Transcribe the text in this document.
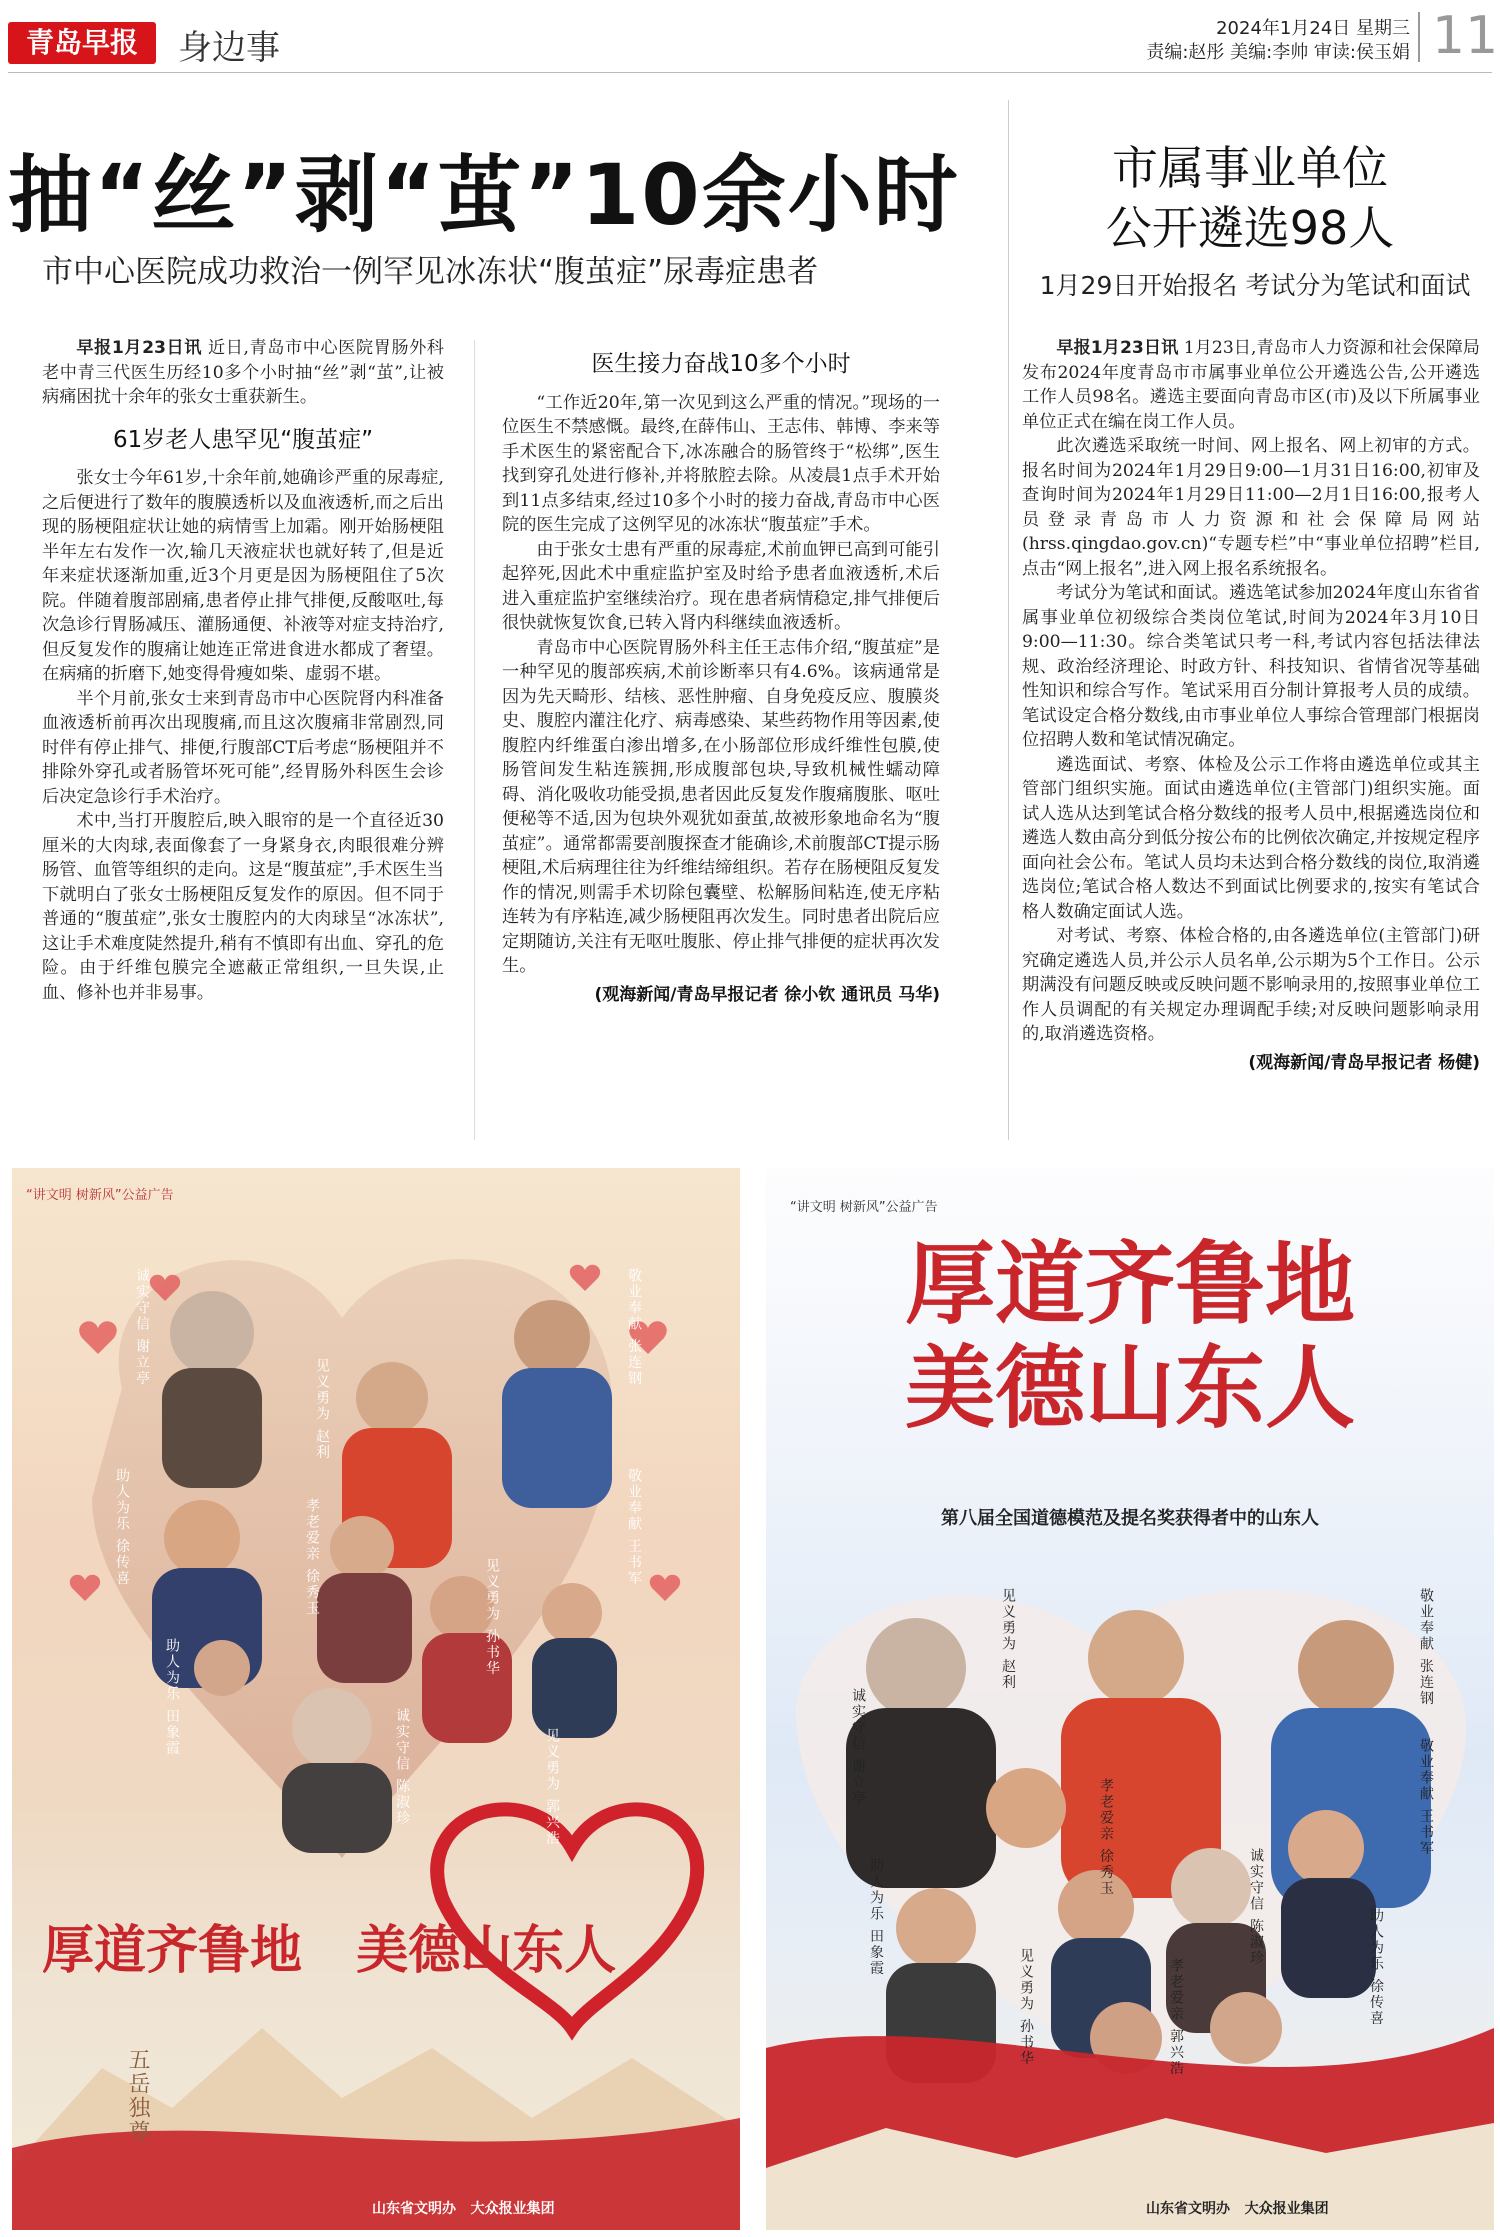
青岛早报	身边事	2024年1月24日 星期三
责编:赵彤 美编:李帅 审读:侯玉娟 11
抽“丝”剥“茧”10余小时
市中心医院成功救治一例罕见冰冻状“腹茧症”尿毒症患者

早报1月23日讯 近日,青岛市中心医院胃肠外科老中青三代医生历经10多个小时抽“丝”剥“茧”,让被病痛困扰十余年的张女士重获新生。

61岁老人患罕见“腹茧症”

张女士今年61岁,十余年前,她确诊严重的尿毒症,之后便进行了数年的腹膜透析以及血液透析,而之后出现的肠梗阻症状让她的病情雪上加霜。刚开始肠梗阻半年左右发作一次,输几天液症状也就好转了,但是近年来症状逐渐加重,近3个月更是因为肠梗阻住了5次院。伴随着腹部剧痛,患者停止排气排便,反酸呕吐,每次急诊行胃肠减压、灌肠通便、补液等对症支持治疗,但反复发作的腹痛让她连正常进食进水都成了奢望。在病痛的折磨下,她变得骨瘦如柴、虚弱不堪。

半个月前,张女士来到青岛市中心医院肾内科准备血液透析前再次出现腹痛,而且这次腹痛非常剧烈,同时伴有停止排气、排便,行腹部CT后考虑“肠梗阻并不排除外穿孔或者肠管坏死可能”,经胃肠外科医生会诊后决定急诊行手术治疗。

术中,当打开腹腔后,映入眼帘的是一个直径近30厘米的大肉球,表面像套了一身紧身衣,肉眼很难分辨肠管、血管等组织的走向。这是“腹茧症”,手术医生当下就明白了张女士肠梗阻反复发作的原因。但不同于普通的“腹茧症”,张女士腹腔内的大肉球呈“冰冻状”,这让手术难度陡然提升,稍有不慎即有出血、穿孔的危险。由于纤维包膜完全遮蔽正常组织,一旦失误,止血、修补也并非易事。

医生接力奋战10多个小时

“工作近20年,第一次见到这么严重的情况。”现场的一位医生不禁感慨。最终,在薛伟山、王志伟、韩博、李来等手术医生的紧密配合下,冰冻融合的肠管终于“松绑”,医生找到穿孔处进行修补,并将脓腔去除。从凌晨1点手术开始到11点多结束,经过10多个小时的接力奋战,青岛市中心医院的医生完成了这例罕见的冰冻状“腹茧症”手术。

由于张女士患有严重的尿毒症,术前血钾已高到可能引起猝死,因此术中重症监护室及时给予患者血液透析,术后进入重症监护室继续治疗。现在患者病情稳定,排气排便后很快就恢复饮食,已转入肾内科继续血液透析。

青岛市中心医院胃肠外科主任王志伟介绍,“腹茧症”是一种罕见的腹部疾病,术前诊断率只有4.6%。该病通常是因为先天畸形、结核、恶性肿瘤、自身免疫反应、腹膜炎史、腹腔内灌注化疗、病毒感染、某些药物作用等因素,使腹腔内纤维蛋白渗出增多,在小肠部位形成纤维性包膜,使肠管间发生粘连簇拥,形成腹部包块,导致机械性蠕动障碍、消化吸收功能受损,患者因此反复发作腹痛腹胀、呕吐便秘等不适,因为包块外观犹如蚕茧,故被形象地命名为“腹茧症”。通常都需要剖腹探查才能确诊,术前腹部CT提示肠梗阻,术后病理往往为纤维结缔组织。若存在肠梗阻反复发作的情况,则需手术切除包囊壁、松解肠间粘连,使无序粘连转为有序粘连,减少肠梗阻再次发生。同时患者出院后应定期随访,关注有无呕吐腹胀、停止排气排便的症状再次发生。

(观海新闻/青岛早报记者 徐小钦 通讯员 马华)
市属事业单位
公开遴选98人
1月29日开始报名 考试分为笔试和面试

早报1月23日讯 1月23日,青岛市人力资源和社会保障局发布2024年度青岛市市属事业单位公开遴选公告,公开遴选工作人员98名。遴选主要面向青岛市区(市)及以下所属事业单位正式在编在岗工作人员。

此次遴选采取统一时间、网上报名、网上初审的方式。报名时间为2024年1月29日9:00—1月31日16:00,初审及查询时间为2024年1月29日11:00—2月1日16:00,报考人员登录青岛市人力资源和社会保障局网站(hrss.qingdao.gov.cn)“专题专栏”中“事业单位招聘”栏目,点击“网上报名”,进入网上报名系统报名。

考试分为笔试和面试。遴选笔试参加2024年度山东省省属事业单位初级综合类岗位笔试,时间为2024年3月10日9:00—11:30。综合类笔试只考一科,考试内容包括法律法规、政治经济理论、时政方针、科技知识、省情省况等基础性知识和综合写作。笔试采用百分制计算报考人员的成绩。笔试设定合格分数线,由市事业单位人事综合管理部门根据岗位招聘人数和笔试情况确定。

遴选面试、考察、体检及公示工作将由遴选单位或其主管部门组织实施。面试由遴选单位(主管部门)组织实施。面试人选从达到笔试合格分数线的报考人员中,根据遴选岗位和遴选人数由高分到低分按公布的比例依次确定,并按规定程序面向社会公布。笔试人员均未达到合格分数线的岗位,取消遴选岗位;笔试合格人数达不到面试比例要求的,按实有笔试合格人数确定面试人选。

对考试、考察、体检合格的,由各遴选单位(主管部门)研究确定遴选人员,并公示人员名单,公示期为5个工作日。公示期满没有问题反映或反映问题不影响录用的,按照事业单位工作人员调配的有关规定办理调配手续;对反映问题影响录用的,取消遴选资格。

(观海新闻/青岛早报记者 杨健)
“讲文明 树新风”公益广告
诚实守信 谢立亭
见义勇为 赵利
敬业奉献 张连钢
助人为乐 徐传喜	孝老爱亲 徐秀玉	敬业奉献 王书军
见义勇为 孙书华
助人为乐 田象霞
诚实守信 陈淑珍	见义勇为 郭兴浩
厚道齐鲁地   美德山东人
五岳独尊
山东省文明办   大众报业集团
“讲文明 树新风”公益广告
厚道齐鲁地
美德山东人
第八届全国道德模范及提名奖获得者中的山东人
诚实守信 谢立亭
见义勇为 赵利	敬业奉献 张连钢
孝老爱亲 徐秀玉	敬业奉献 王书军
助人为乐 田象霞	诚实守信 陈淑珍
助人为乐 徐传喜
见义勇为 孙书华	孝老爱亲 郭兴浩
山东省文明办   大众报业集团
